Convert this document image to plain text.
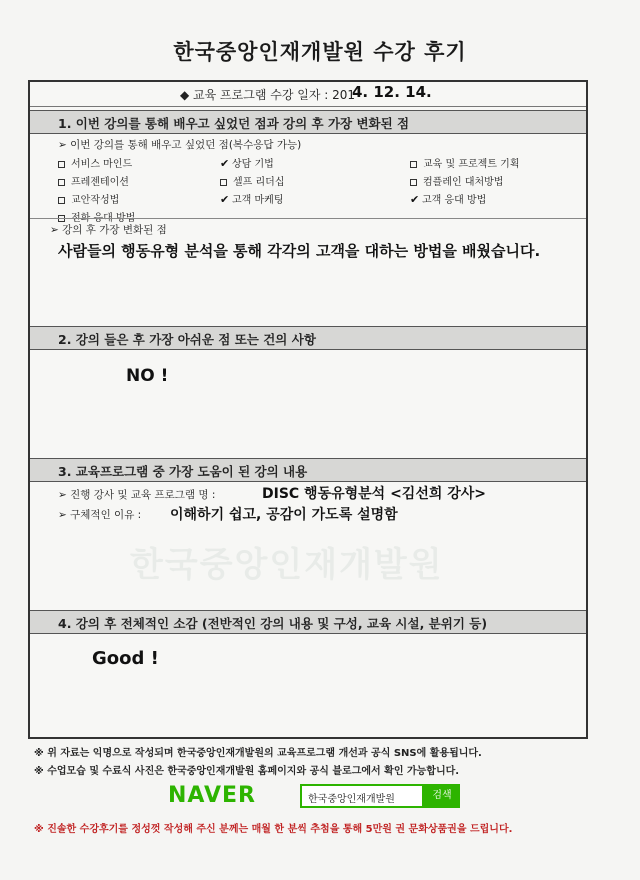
한국중앙인재개발원 수강 후기
한국중앙인재개발원
◆ 교육 프로그램 수강 일자 : 201
4. 12. 14.
1. 이번 강의를 통해 배우고 싶었던 점과 강의 후 가장 변화된 점
➢ 이번 강의를 통해 배우고 싶었던 점(복수응답 가능)
서비스 마인드	✔ 상담 기법	교육 및 프로젝트 기획
프레젠테이션	셀프 리더십	컴플레인 대처방법
교안작성법	✔ 고객 마케팅	✔ 고객 응대 방법
전화 응대 방법
➢ 강의 후 가장 변화된 점
사람들의 행동유형 분석을 통해 각각의 고객을 대하는 방법을 배웠습니다.
2. 강의 들은 후 가장 아쉬운 점 또는 건의 사항
NO !
3. 교육프로그램 중 가장 도움이 된 강의 내용
➢ 진행 강사 및 교육 프로그램 명 :	DISC 행동유형분석 <김선희 강사>
➢ 구체적인 이유 : 이해하기 쉽고, 공감이 가도록 설명함
4. 강의 후 전체적인 소감 (전반적인 강의 내용 및 구성, 교육 시설, 분위기 등)
Good !
※ 위 자료는 익명으로 작성되며 한국중앙인재개발원의 교육프로그램 개선과 공식 SNS에 활용됩니다.
※ 수업모습 및 수료식 사진은 한국중앙인재개발원 홈페이지와 공식 블로그에서 확인 가능합니다.
NAVER	한국중앙인재개발원	검색
※ 진솔한 수강후기를 정성껏 작성해 주신 분께는 매월 한 분씩 추첨을 통해 5만원 권 문화상품권을 드립니다.
